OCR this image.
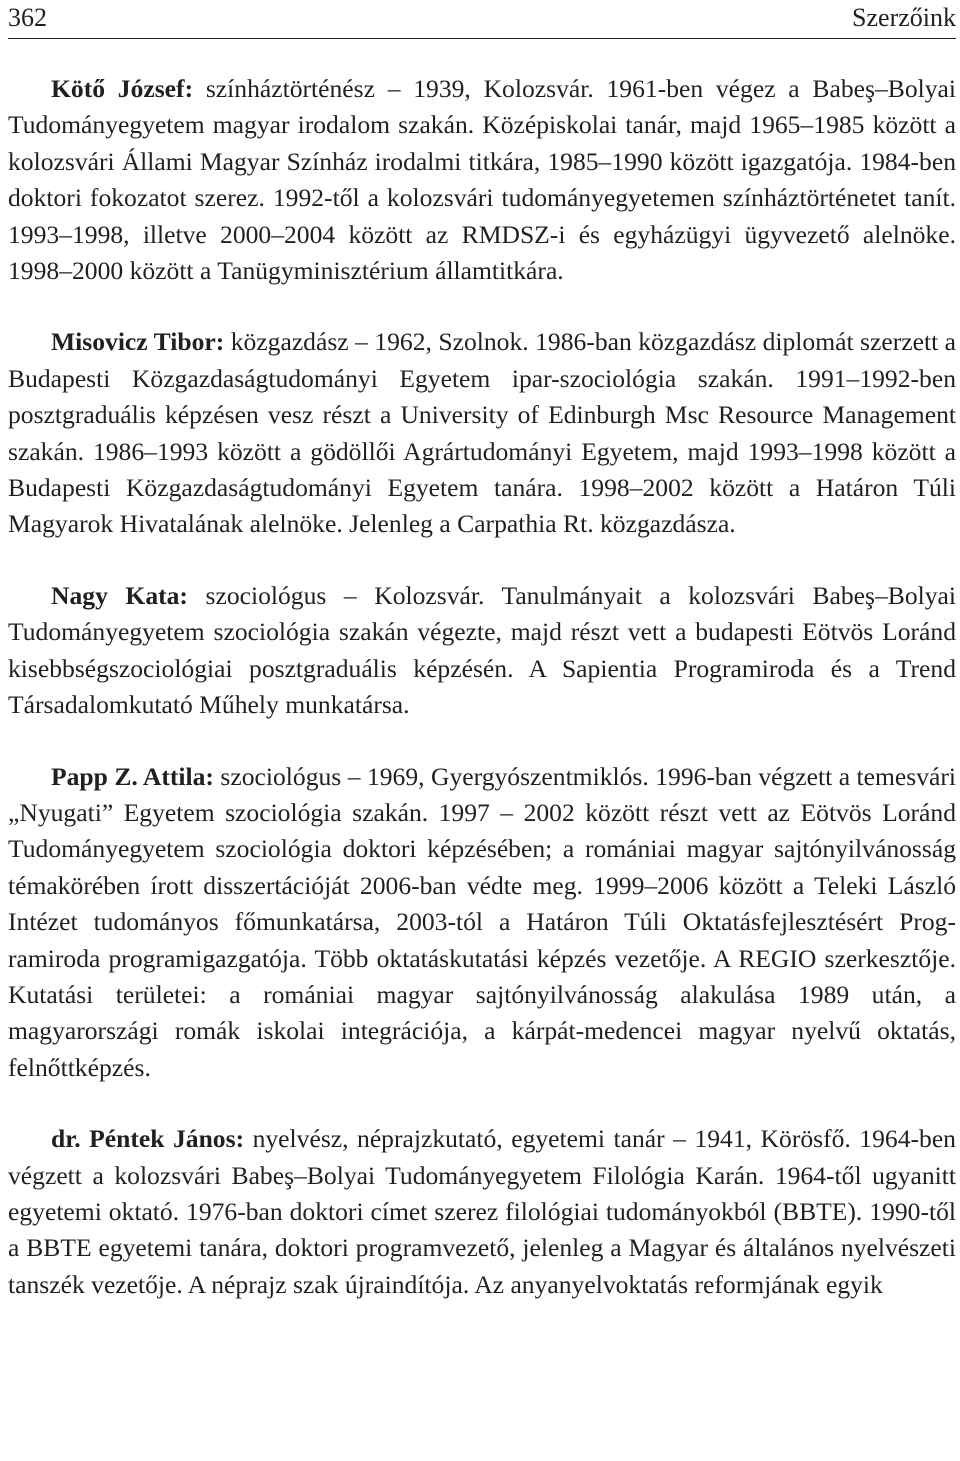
362	Szerzőink

Kötő József: színháztörténész – 1939, Kolozsvár. 1961-ben végez a Babeş–Bolyai Tudományegyetem magyar irodalom szakán. Középiskolai tanár, majd 1965–1985 között a kolozsvári Állami Magyar Színház irodalmi titkára, 1985–1990 között igazgatója. 1984-ben doktori fokozatot szerez. 1992-től a kolozsvári tudományegyetemen színháztörténetet tanít. 1993–1998, illetve 2000–2004 között az RMDSZ-i és egyházügyi ügyvezető alelnöke. 1998–2000 között a Tanügyminisztérium államtitkára.

Misovicz Tibor: közgazdász – 1962, Szolnok. 1986-ban közgazdász diplomát szerzett a Budapesti Közgazdaságtudományi Egyetem ipar-szociológia szakán. 1991–1992-ben posztgraduális képzésen vesz részt a University of Edinburgh Msc Resource Management szakán. 1986–1993 között a gödöllői Agrártudományi Egyetem, majd 1993–1998 között a Budapesti Közgazdaságtudományi Egyetem tanára. 1998–2002 között a Határon Túli Magyarok Hivatalának alelnöke. Jelenleg a Carpathia Rt. közgazdásza.

Nagy Kata: szociológus – Kolozsvár. Tanulmányait a kolozsvári Babeş–Bolyai Tudományegyetem szociológia szakán végezte, majd részt vett a budapesti Eötvös Loránd kisebbségszociológiai posztgraduális képzésén. A Sapientia Programiroda és a Trend Társadalomkutató Műhely munkatársa.

Papp Z. Attila: szociológus – 1969, Gyergyószentmiklós. 1996-ban végzett a temesvári „Nyugati” Egyetem szociológia szakán. 1997 – 2002 között részt vett az Eötvös Loránd Tudományegyetem szociológia doktori képzésében; a romániai magyar sajtónyilvánosság témakörében írott disszertációját 2006-ban védte meg. 1999–2006 között a Teleki László Intézet tudományos főmunkatársa, 2003-tól a Határon Túli Oktatásfejlesztésért Programiroda programigazgatója. Több oktatáskutatási képzés vezetője. A REGIO szerkesztője. Kutatási területei: a romániai magyar sajtónyilvánosság alakulása 1989 után, a magyarországi romák iskolai integrációja, a kárpát-medencei magyar nyelvű oktatás, felnőttképzés.

dr. Péntek János: nyelvész, néprajzkutató, egyetemi tanár – 1941, Körösfő. 1964-ben végzett a kolozsvári Babeş–Bolyai Tudományegyetem Filológia Karán. 1964-től ugyanitt egyetemi oktató. 1976-ban doktori címet szerez filológiai tudományokból (BBTE). 1990-től a BBTE egyetemi tanára, doktori programvezető, jelenleg a Magyar és általános nyelvészeti tanszék vezetője. A néprajz szak újraindítója. Az anyanyelvoktatás reformjának egyik
